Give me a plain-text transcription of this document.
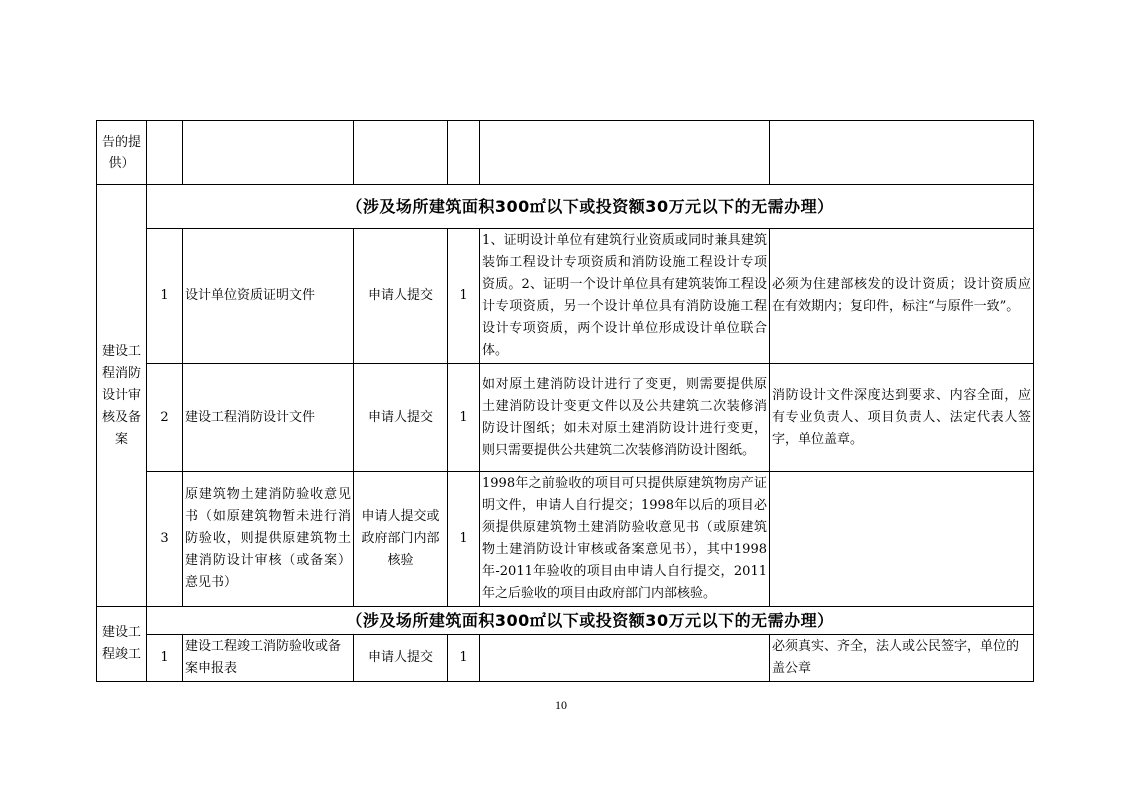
告的提供）						
建设工程消防设计审核及备案	（涉及场所建筑面积300㎡以下或投资额30万元以下的无需办理）					
	1	设计单位资质证明文件	申请人提交	1	1、证明设计单位有建筑行业资质或同时兼具建筑装饰工程设计专项资质和消防设施工程设计专项资质。2、证明一个设计单位具有建筑装饰工程设计专项资质，另一个设计单位具有消防设施工程设计专项资质，两个设计单位形成设计单位联合体。	必须为住建部核发的设计资质；设计资质应在有效期内；复印件，标注“与原件一致”。
	2	建设工程消防设计文件	申请人提交	1	如对原土建消防设计进行了变更，则需要提供原土建消防设计变更文件以及公共建筑二次装修消防设计图纸；如未对原土建消防设计进行变更，则只需要提供公共建筑二次装修消防设计图纸。	消防设计文件深度达到要求、内容全面，应有专业负责人、项目负责人、法定代表人签字，单位盖章。
	3	原建筑物土建消防验收意见书（如原建筑物暂未进行消防验收，则提供原建筑物土建消防设计审核（或备案）意见书）	申请人提交或政府部门内部核验	1	1998年之前验收的项目可只提供原建筑物房产证明文件，申请人自行提交；1998年以后的项目必须提供原建筑物土建消防验收意见书（或原建筑物土建消防设计审核或备案意见书），其中1998年-2011年验收的项目由申请人自行提交，2011年之后验收的项目由政府部门内部核验。	
建设工程竣工	（涉及场所建筑面积300㎡以下或投资额30万元以下的无需办理）					
	1	建设工程竣工消防验收或备案申报表	申请人提交	1		必须真实、齐全，法人或公民签字，单位的盖公章
10
